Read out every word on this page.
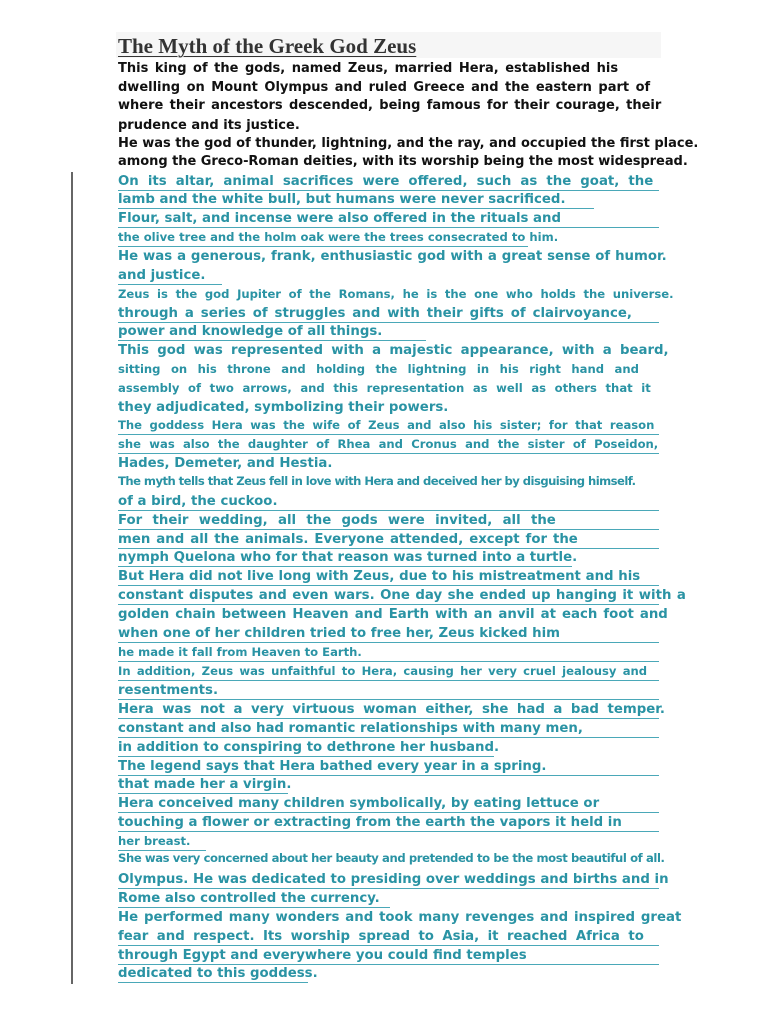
The Myth of the Greek God Zeus
This king of the gods, named Zeus, married Hera, established his
dwelling on Mount Olympus and ruled Greece and the eastern part of
where their ancestors descended, being famous for their courage, their
prudence and its justice.
He was the god of thunder, lightning, and the ray, and occupied the first place.
among the Greco-Roman deities, with its worship being the most widespread.
On its altar, animal sacrifices were offered, such as the goat, the
lamb and the white bull, but humans were never sacrificed.
Flour, salt, and incense were also offered in the rituals and
the olive tree and the holm oak were the trees consecrated to him.
He was a generous, frank, enthusiastic god with a great sense of humor.
and justice.
Zeus is the god Jupiter of the Romans, he is the one who holds the universe.
through a series of struggles and with their gifts of clairvoyance,
power and knowledge of all things.
This god was represented with a majestic appearance, with a beard,
sitting on his throne and holding the lightning in his right hand and
assembly of two arrows, and this representation as well as others that it
they adjudicated, symbolizing their powers.
The goddess Hera was the wife of Zeus and also his sister; for that reason
she was also the daughter of Rhea and Cronus and the sister of Poseidon,
Hades, Demeter, and Hestia.
The myth tells that Zeus fell in love with Hera and deceived her by disguising himself.
of a bird, the cuckoo.
For their wedding, all the gods were invited, all the
men and all the animals. Everyone attended, except for the
nymph Quelona who for that reason was turned into a turtle.
But Hera did not live long with Zeus, due to his mistreatment and his
constant disputes and even wars. One day she ended up hanging it with a
golden chain between Heaven and Earth with an anvil at each foot and
when one of her children tried to free her, Zeus kicked him
he made it fall from Heaven to Earth.
In addition, Zeus was unfaithful to Hera, causing her very cruel jealousy and
resentments.
Hera was not a very virtuous woman either, she had a bad temper.
constant and also had romantic relationships with many men,
in addition to conspiring to dethrone her husband.
The legend says that Hera bathed every year in a spring.
that made her a virgin.
Hera conceived many children symbolically, by eating lettuce or
touching a flower or extracting from the earth the vapors it held in
her breast.
She was very concerned about her beauty and pretended to be the most beautiful of all.
Olympus. He was dedicated to presiding over weddings and births and in
Rome also controlled the currency.
He performed many wonders and took many revenges and inspired great
fear and respect. Its worship spread to Asia, it reached Africa to
through Egypt and everywhere you could find temples
dedicated to this goddess.
